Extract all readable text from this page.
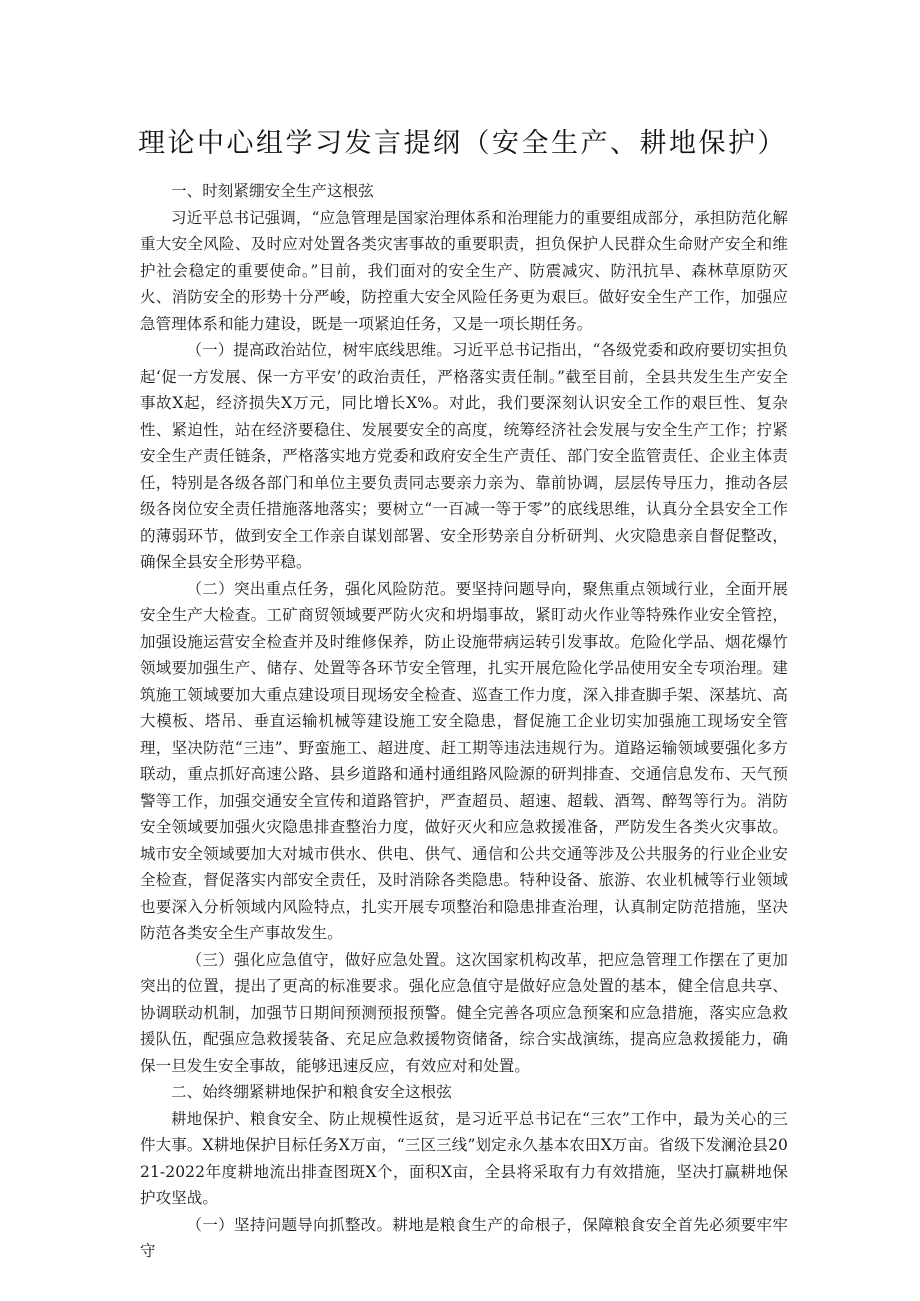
理论中心组学习发言提纲（安全生产、耕地保护）

一、时刻紧绷安全生产这根弦

习近平总书记强调，“应急管理是国家治理体系和治理能力的重要组成部分，承担防范化解重大安全风险、及时应对处置各类灾害事故的重要职责，担负保护人民群众生命财产安全和维护社会稳定的重要使命。”目前，我们面对的安全生产、防震减灾、防汛抗旱、森林草原防灭火、消防安全的形势十分严峻，防控重大安全风险任务更为艰巨。做好安全生产工作，加强应急管理体系和能力建设，既是一项紧迫任务，又是一项长期任务。

（一）提高政治站位，树牢底线思维。习近平总书记指出，“各级党委和政府要切实担负起‘促一方发展、保一方平安’的政治责任，严格落实责任制。”截至目前，全县共发生生产安全事故X起，经济损失X万元，同比增长X%。对此，我们要深刻认识安全工作的艰巨性、复杂性、紧迫性，站在经济要稳住、发展要安全的高度，统筹经济社会发展与安全生产工作；拧紧安全生产责任链条，严格落实地方党委和政府安全生产责任、部门安全监管责任、企业主体责任，特别是各级各部门和单位主要负责同志要亲力亲为、靠前协调，层层传导压力，推动各层级各岗位安全责任措施落地落实；要树立“一百减一等于零”的底线思维，认真分全县安全工作的薄弱环节，做到安全工作亲自谋划部署、安全形势亲自分析研判、火灾隐患亲自督促整改，确保全县安全形势平稳。

（二）突出重点任务，强化风险防范。要坚持问题导向，聚焦重点领域行业，全面开展安全生产大检查。工矿商贸领域要严防火灾和坍塌事故，紧盯动火作业等特殊作业安全管控，加强设施运营安全检查并及时维修保养，防止设施带病运转引发事故。危险化学品、烟花爆竹领域要加强生产、储存、处置等各环节安全管理，扎实开展危险化学品使用安全专项治理。建筑施工领域要加大重点建设项目现场安全检查、巡查工作力度，深入排查脚手架、深基坑、高大模板、塔吊、垂直运输机械等建设施工安全隐患，督促施工企业切实加强施工现场安全管理，坚决防范“三违”、野蛮施工、超进度、赶工期等违法违规行为。道路运输领域要强化多方联动，重点抓好高速公路、县乡道路和通村通组路风险源的研判排查、交通信息发布、天气预警等工作，加强交通安全宣传和道路管护，严查超员、超速、超载、酒驾、醉驾等行为。消防安全领域要加强火灾隐患排查整治力度，做好灭火和应急救援准备，严防发生各类火灾事故。城市安全领域要加大对城市供水、供电、供气、通信和公共交通等涉及公共服务的行业企业安全检查，督促落实内部安全责任，及时消除各类隐患。特种设备、旅游、农业机械等行业领域也要深入分析领域内风险特点，扎实开展专项整治和隐患排查治理，认真制定防范措施，坚决防范各类安全生产事故发生。

（三）强化应急值守，做好应急处置。这次国家机构改革，把应急管理工作摆在了更加突出的位置，提出了更高的标准要求。强化应急值守是做好应急处置的基本，健全信息共享、协调联动机制，加强节日期间预测预报预警。健全完善各项应急预案和应急措施，落实应急救援队伍，配强应急救援装备、充足应急救援物资储备，综合实战演练，提高应急救援能力，确保一旦发生安全事故，能够迅速反应，有效应对和处置。

二、始终绷紧耕地保护和粮食安全这根弦

耕地保护、粮食安全、防止规模性返贫，是习近平总书记在“三农”工作中，最为关心的三件大事。X耕地保护目标任务X万亩，“三区三线”划定永久基本农田X万亩。省级下发澜沧县2021-2022年度耕地流出排查图斑X个，面积X亩，全县将采取有力有效措施，坚决打赢耕地保护攻坚战。

（一）坚持问题导向抓整改。耕地是粮食生产的命根子，保障粮食安全首先必须要牢牢守
